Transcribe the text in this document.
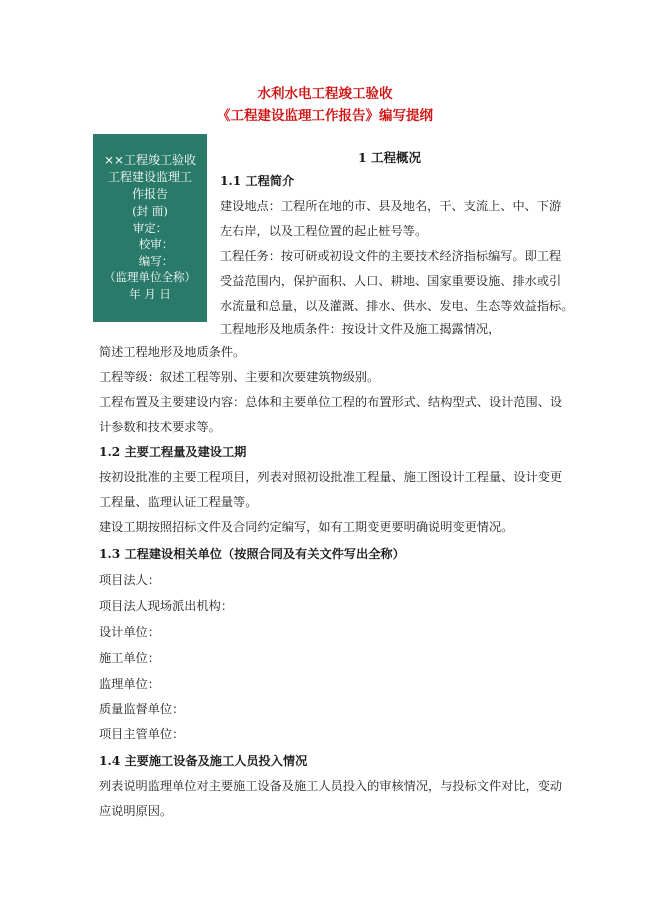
水利水电工程竣工验收
《工程建设监理工作报告》编写提纲
××工程竣工验收
工程建设监理工
作报告
(封 面)
审定：
校审：
编写：
（监理单位全称）
年 月 日
1 工程概况
1.1 工程简介
建设地点：工程所在地的市、县及地名，干、支流上、中、下游
左右岸，以及工程位置的起止桩号等。
工程任务：按可研或初设文件的主要技术经济指标编写。即工程
受益范围内，保护面积、人口、耕地、国家重要设施、排水或引
水流量和总量，以及灌溉、排水、供水、发电、生态等效益指标。
工程地形及地质条件：按设计文件及施工揭露情况，
简述工程地形及地质条件。
工程等级：叙述工程等别、主要和次要建筑物级别。
工程布置及主要建设内容：总体和主要单位工程的布置形式、结构型式、设计范围、设
计参数和技术要求等。
1.2 主要工程量及建设工期
按初设批准的主要工程项目，列表对照初设批准工程量、施工图设计工程量、设计变更
工程量、监理认证工程量等。
建设工期按照招标文件及合同约定编写，如有工期变更要明确说明变更情况。
1.3 工程建设相关单位（按照合同及有关文件写出全称）
项目法人：
项目法人现场派出机构：
设计单位：
施工单位：
监理单位：
质量监督单位：
项目主管单位：
1.4 主要施工设备及施工人员投入情况
列表说明监理单位对主要施工设备及施工人员投入的审核情况，与投标文件对比，变动
应说明原因。
